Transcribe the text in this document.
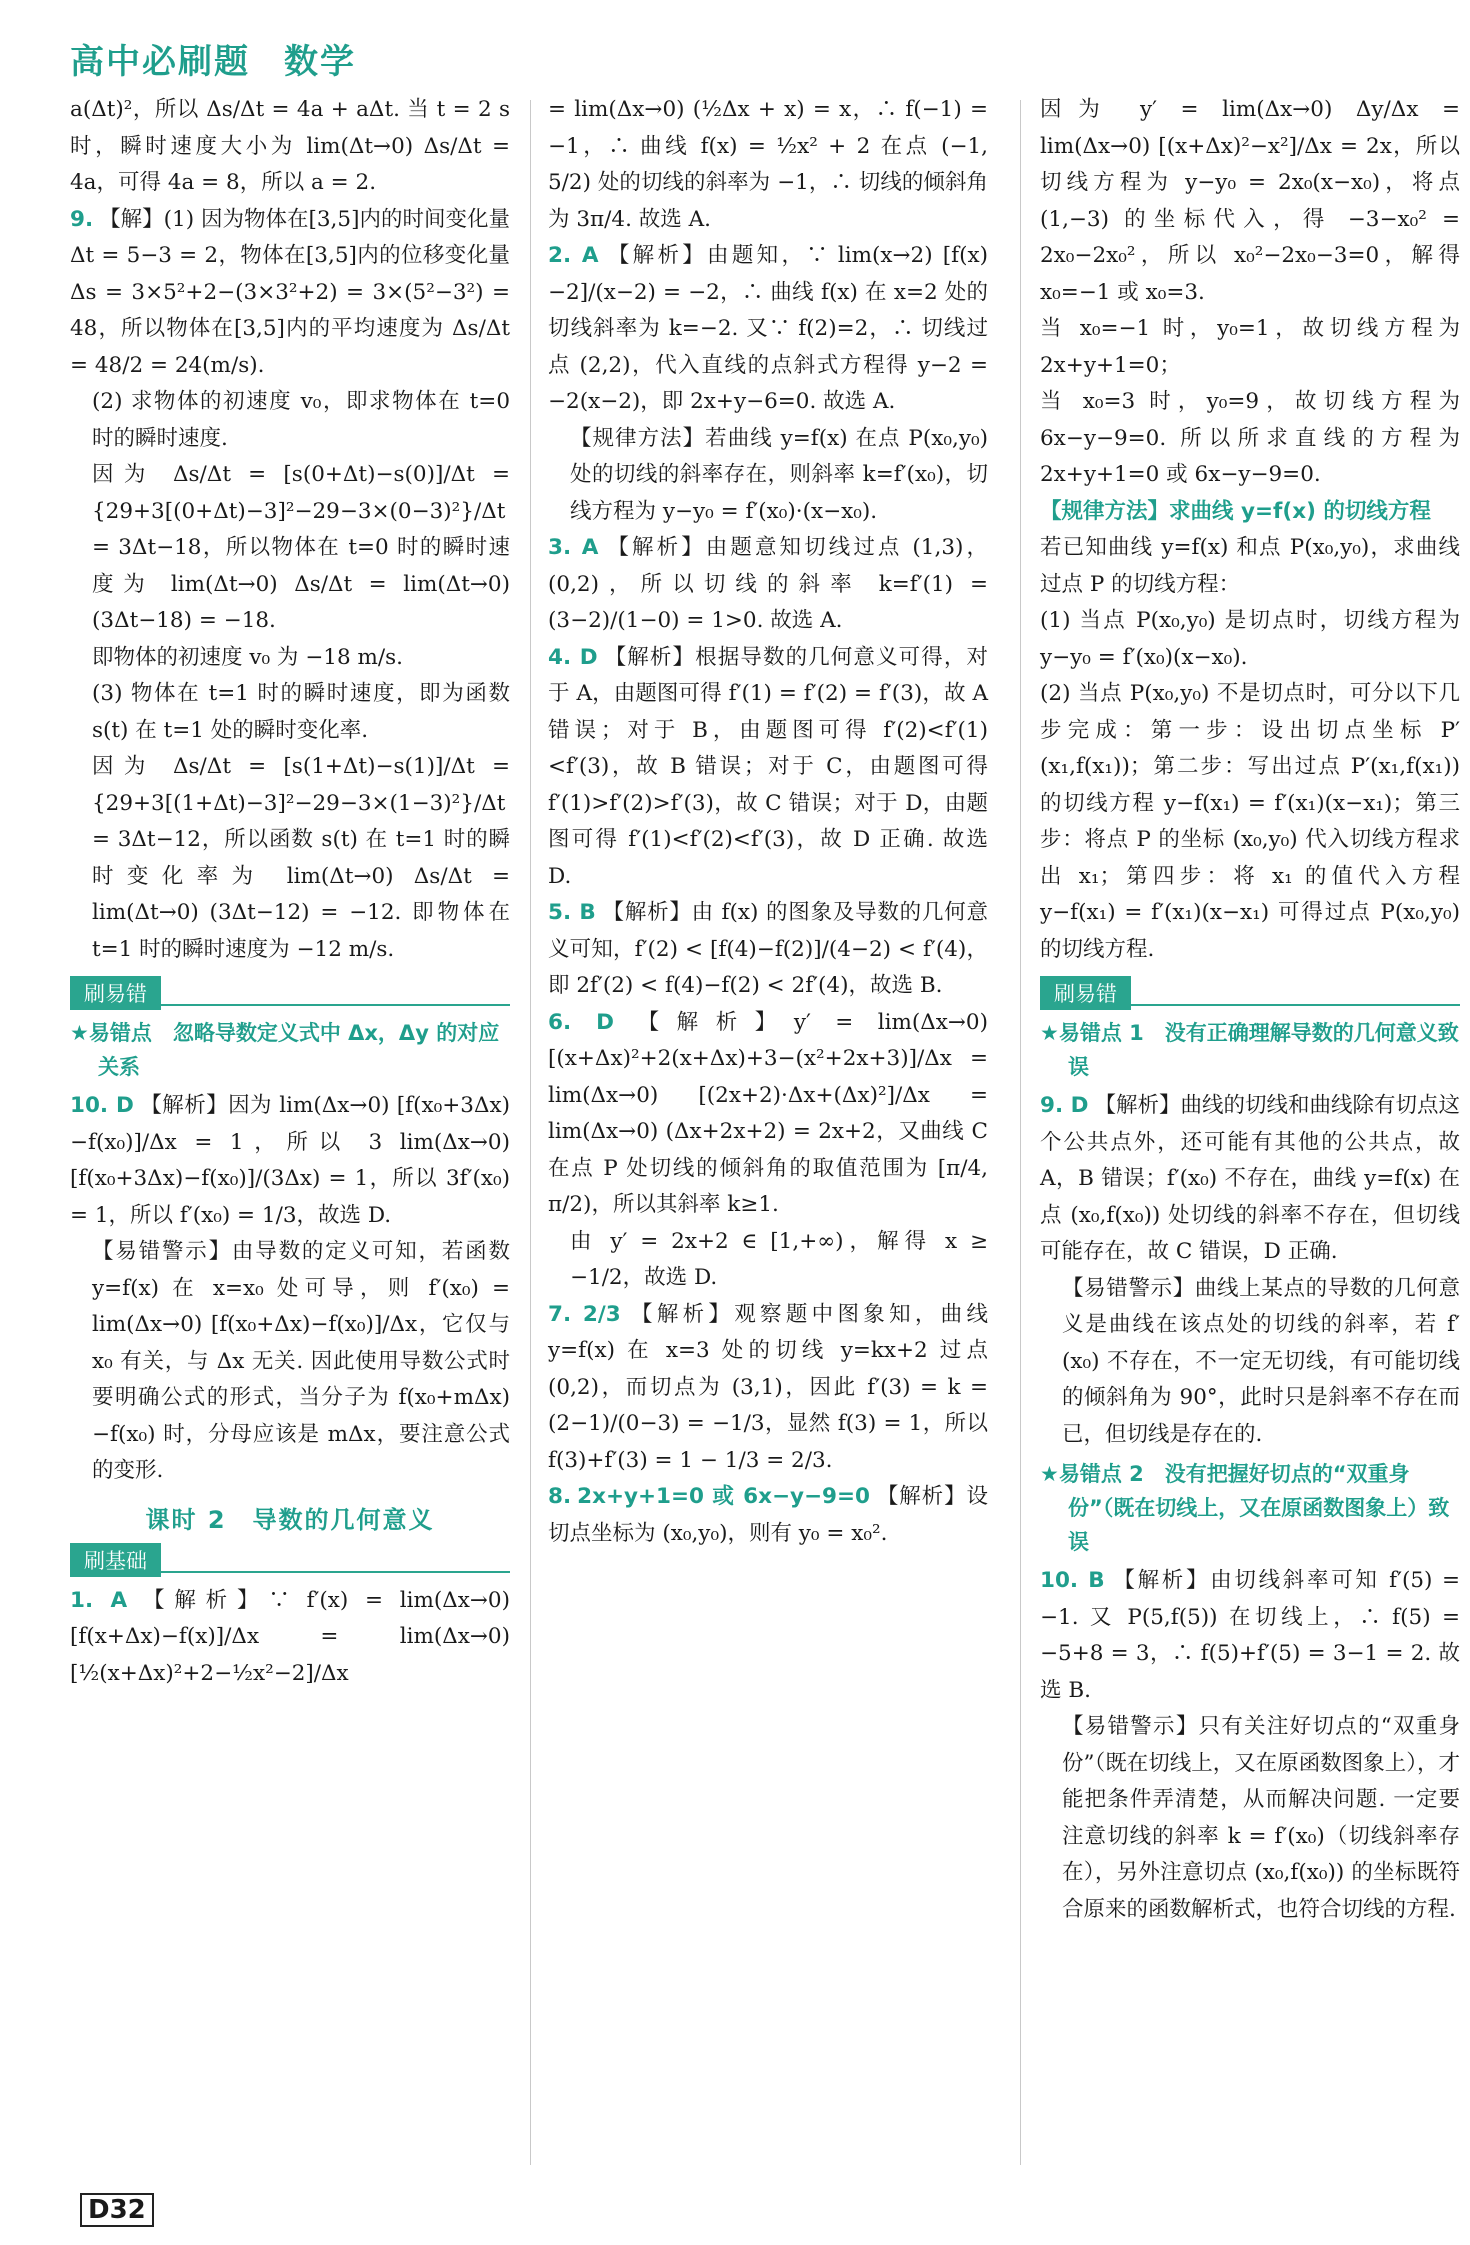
高中必刷题 数学

a(Δt)²，所以 Δs/Δt = 4a + aΔt. 当 t = 2 s 时，瞬时速度大小为 lim(Δt→0) Δs/Δt = 4a，可得 4a = 8，所以 a = 2.

9. 【解】(1) 因为物体在[3,5]内的时间变化量 Δt = 5−3 = 2，物体在[3,5]内的位移变化量 Δs = 3×5²+2−(3×3²+2) = 3×(5²−3²) = 48，所以物体在[3,5]内的平均速度为 Δs/Δt = 48/2 = 24(m/s).

(2) 求物体的初速度 v₀，即求物体在 t=0 时的瞬时速度.

因为 Δs/Δt = [s(0+Δt)−s(0)]/Δt = {29+3[(0+Δt)−3]²−29−3×(0−3)²}/Δt = 3Δt−18，所以物体在 t=0 时的瞬时速度为 lim(Δt→0) Δs/Δt = lim(Δt→0) (3Δt−18) = −18.

即物体的初速度 v₀ 为 −18 m/s.

(3) 物体在 t=1 时的瞬时速度，即为函数 s(t) 在 t=1 处的瞬时变化率.

因为 Δs/Δt = [s(1+Δt)−s(1)]/Δt = {29+3[(1+Δt)−3]²−29−3×(1−3)²}/Δt = 3Δt−12，所以函数 s(t) 在 t=1 时的瞬时变化率为 lim(Δt→0) Δs/Δt = lim(Δt→0) (3Δt−12) = −12. 即物体在 t=1 时的瞬时速度为 −12 m/s.

刷易错

★易错点　 忽略导数定义式中 Δx，Δy 的对应关系

10. D 【解析】因为 lim(Δx→0) [f(x₀+3Δx)−f(x₀)]/Δx = 1，所以 3 lim(Δx→0) [f(x₀+3Δx)−f(x₀)]/(3Δx) = 1，所以 3f′(x₀) = 1，所以 f′(x₀) = 1/3，故选 D.

【易错警示】由导数的定义可知，若函数 y=f(x) 在 x=x₀ 处可导，则 f′(x₀) = lim(Δx→0) [f(x₀+Δx)−f(x₀)]/Δx，它仅与 x₀ 有关，与 Δx 无关. 因此使用导数公式时要明确公式的形式，当分子为 f(x₀+mΔx)−f(x₀) 时，分母应该是 mΔx，要注意公式的变形.

课时 2　导数的几何意义
刷基础

1. A 【解析】∵ f′(x) = lim(Δx→0) [f(x+Δx)−f(x)]/Δx = lim(Δx→0) [½(x+Δx)²+2−½x²−2]/Δx

= lim(Δx→0) (½Δx + x) = x，∴ f(−1) = −1，∴ 曲线 f(x) = ½x² + 2 在点 (−1, 5/2) 处的切线的斜率为 −1，∴ 切线的倾斜角为 3π/4. 故选 A.

2. A 【解析】由题知，∵ lim(x→2) [f(x)−2]/(x−2) = −2，∴ 曲线 f(x) 在 x=2 处的切线斜率为 k=−2. 又∵ f(2)=2，∴ 切线过点 (2,2)，代入直线的点斜式方程得 y−2 = −2(x−2)，即 2x+y−6=0. 故选 A.

【规律方法】若曲线 y=f(x) 在点 P(x₀,y₀) 处的切线的斜率存在，则斜率 k=f′(x₀)，切线方程为 y−y₀ = f′(x₀)·(x−x₀).

3. A 【解析】由题意知切线过点 (1,3)，(0,2)，所以切线的斜率 k=f′(1) = (3−2)/(1−0) = 1>0. 故选 A.

4. D 【解析】根据导数的几何意义可得，对于 A，由题图可得 f′(1) = f′(2) = f′(3)，故 A 错误；对于 B，由题图可得 f′(2)<f′(1)<f′(3)，故 B 错误；对于 C，由题图可得 f′(1)>f′(2)>f′(3)，故 C 错误；对于 D，由题图可得 f′(1)<f′(2)<f′(3)，故 D 正确. 故选 D.

5. B 【解析】由 f(x) 的图象及导数的几何意义可知，f′(2) < [f(4)−f(2)]/(4−2) < f′(4)，即 2f′(2) < f(4)−f(2) < 2f′(4)，故选 B.

6. D 【解析】y′ = lim(Δx→0) [(x+Δx)²+2(x+Δx)+3−(x²+2x+3)]/Δx = lim(Δx→0) [(2x+2)·Δx+(Δx)²]/Δx = lim(Δx→0) (Δx+2x+2) = 2x+2，又曲线 C 在点 P 处切线的倾斜角的取值范围为 [π/4, π/2)，所以其斜率 k≥1.

由 y′ = 2x+2 ∈ [1,+∞)，解得 x ≥ −1/2，故选 D.

7. 2/3 【解析】观察题中图象知，曲线 y=f(x) 在 x=3 处的切线 y=kx+2 过点 (0,2)，而切点为 (3,1)，因此 f′(3) = k = (2−1)/(0−3) = −1/3，显然 f(3) = 1，所以 f(3)+f′(3) = 1 − 1/3 = 2/3.

8. 2x+y+1=0 或 6x−y−9=0 【解析】设切点坐标为 (x₀,y₀)，则有 y₀ = x₀².

因为 y′ = lim(Δx→0) Δy/Δx = lim(Δx→0) [(x+Δx)²−x²]/Δx = 2x，所以切线方程为 y−y₀ = 2x₀(x−x₀)，将点 (1,−3) 的坐标代入，得 −3−x₀² = 2x₀−2x₀²，所以 x₀²−2x₀−3=0，解得 x₀=−1 或 x₀=3.

当 x₀=−1 时，y₀=1，故切线方程为 2x+y+1=0；

当 x₀=3 时，y₀=9，故切线方程为 6x−y−9=0. 所以所求直线的方程为 2x+y+1=0 或 6x−y−9=0.

【规律方法】求曲线 y=f(x) 的切线方程

若已知曲线 y=f(x) 和点 P(x₀,y₀)，求曲线过点 P 的切线方程：

(1) 当点 P(x₀,y₀) 是切点时，切线方程为 y−y₀ = f′(x₀)(x−x₀).

(2) 当点 P(x₀,y₀) 不是切点时，可分以下几步完成：第一步：设出切点坐标 P′(x₁,f(x₁))；第二步：写出过点 P′(x₁,f(x₁)) 的切线方程 y−f(x₁) = f′(x₁)(x−x₁)；第三步：将点 P 的坐标 (x₀,y₀) 代入切线方程求出 x₁；第四步：将 x₁ 的值代入方程 y−f(x₁) = f′(x₁)(x−x₁) 可得过点 P(x₀,y₀) 的切线方程.

刷易错

★易错点 1　 没有正确理解导数的几何意义致误

9. D 【解析】曲线的切线和曲线除有切点这个公共点外，还可能有其他的公共点，故 A，B 错误；f′(x₀) 不存在，曲线 y=f(x) 在点 (x₀,f(x₀)) 处切线的斜率不存在，但切线可能存在，故 C 错误，D 正确.

【易错警示】曲线上某点的导数的几何意义是曲线在该点处的切线的斜率，若 f′(x₀) 不存在，不一定无切线，有可能切线的倾斜角为 90°，此时只是斜率不存在而已，但切线是存在的.

★易错点 2　 没有把握好切点的“双重身份”（既在切线上，又在原函数图象上）致误

10. B 【解析】由切线斜率可知 f′(5) = −1. 又 P(5,f(5)) 在切线上，∴ f(5) = −5+8 = 3，∴ f(5)+f′(5) = 3−1 = 2. 故选 B.

【易错警示】只有关注好切点的“双重身份”（既在切线上，又在原函数图象上），才能把条件弄清楚，从而解决问题. 一定要注意切线的斜率 k = f′(x₀)（切线斜率存在），另外注意切点 (x₀,f(x₀)) 的坐标既符合原来的函数解析式，也符合切线的方程.

D32
